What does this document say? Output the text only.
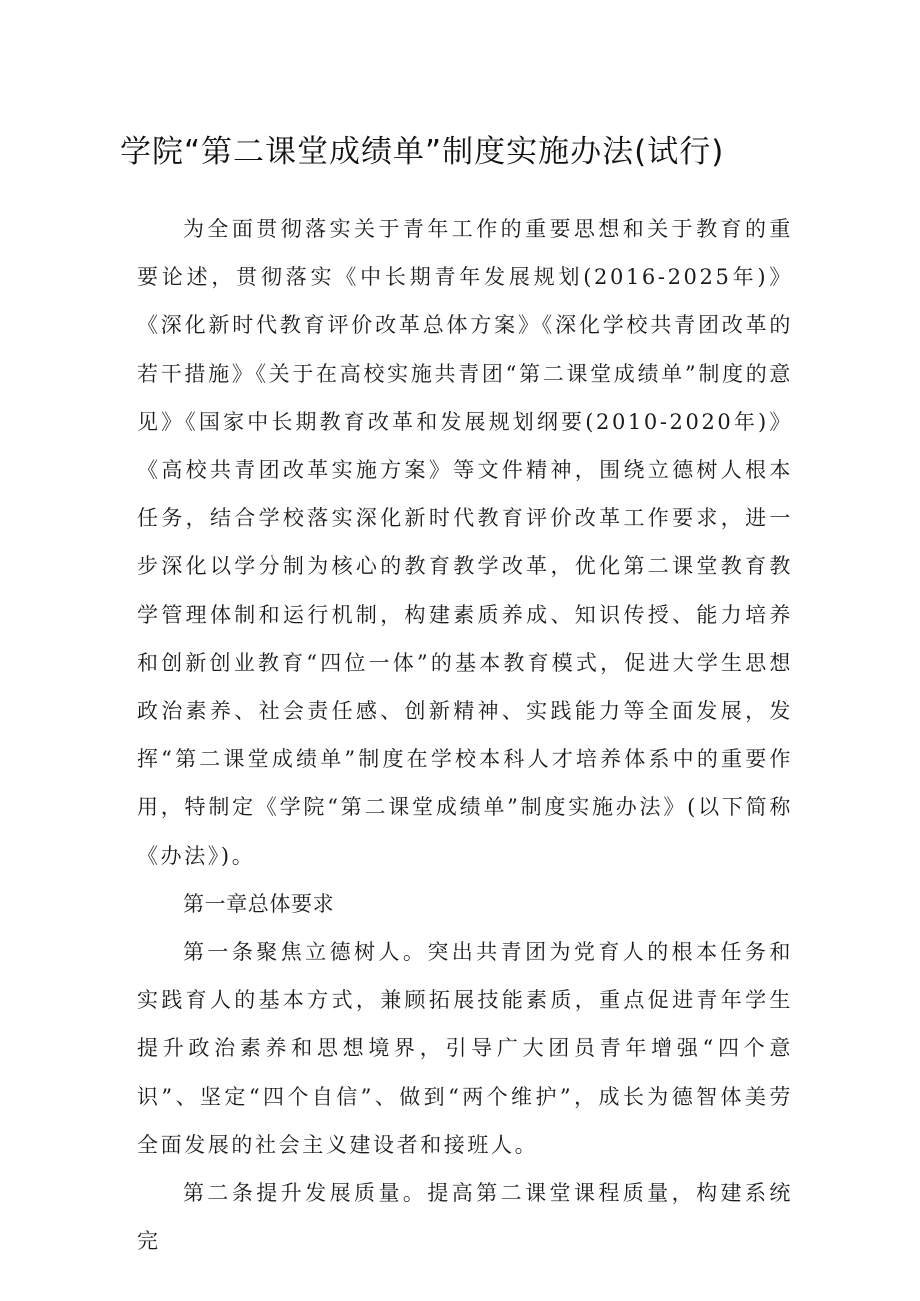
学院“第二课堂成绩单”制度实施办法(试行)

为全面贯彻落实关于青年工作的重要思想和关于教育的重要论述，贯彻落实《中长期青年发展规划(2016-2025年)》《深化新时代教育评价改革总体方案》《深化学校共青团改革的若干措施》《关于在高校实施共青团“第二课堂成绩单”制度的意见》《国家中长期教育改革和发展规划纲要(2010-2020年)》《高校共青团改革实施方案》等文件精神，围绕立德树人根本任务，结合学校落实深化新时代教育评价改革工作要求，进一步深化以学分制为核心的教育教学改革，优化第二课堂教育教学管理体制和运行机制，构建素质养成、知识传授、能力培养和创新创业教育“四位一体”的基本教育模式，促进大学生思想政治素养、社会责任感、创新精神、实践能力等全面发展，发挥“第二课堂成绩单”制度在学校本科人才培养体系中的重要作用，特制定《学院“第二课堂成绩单”制度实施办法》(以下简称《办法》)。

第一章总体要求

第一条聚焦立德树人。突出共青团为党育人的根本任务和实践育人的基本方式，兼顾拓展技能素质，重点促进青年学生提升政治素养和思想境界，引导广大团员青年增强“四个意识”、坚定“四个自信”、做到“两个维护”，成长为德智体美劳全面发展的社会主义建设者和接班人。

第二条提升发展质量。提高第二课堂课程质量，构建系统完
